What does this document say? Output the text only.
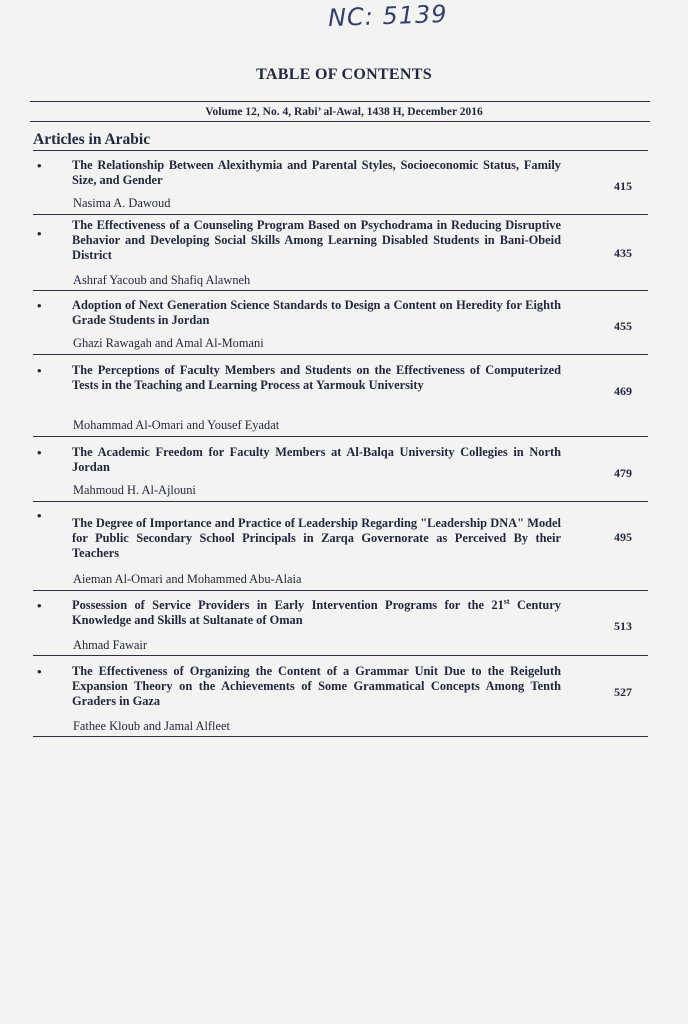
NC: 5139
TABLE OF CONTENTS
Volume 12, No. 4, Rabi’ al-Awal, 1438 H, December 2016
Articles in Arabic
• The Relationship Between Alexithymia and Parental Styles, Socioeconomic Status, Family Size, and Gender
Nasima A. Dawoud
415
•
The Effectiveness of a Counseling Program Based on Psychodrama in Reducing Disruptive Behavior and Developing Social Skills Among Learning Disabled Students in Bani-Obeid District
Ashraf Yacoub and Shafiq Alawneh
435
• Adoption of Next Generation Science Standards to Design a Content on Heredity for Eighth Grade Students in Jordan
Ghazi Rawagah and Amal Al-Momani
455
• The Perceptions of Faculty Members and Students on the Effectiveness of Computerized Tests in the Teaching and Learning Process at Yarmouk University
Mohammad Al-Omari and Yousef Eyadat
469
• The Academic Freedom for Faculty Members at Al-Balqa University Collegies in North Jordan
Mahmoud H. Al-Ajlouni
479
• The Degree of Importance and Practice of Leadership Regarding "Leadership DNA" Model for Public Secondary School Principals in Zarqa Governorate as Perceived By their Teachers
Aieman Al-Omari and Mohammed Abu-Alaia
495
• Possession of Service Providers in Early Intervention Programs for the 21st Century Knowledge and Skills at Sultanate of Oman
Ahmad Fawair
513
• The Effectiveness of Organizing the Content of a Grammar Unit Due to the Reigeluth Expansion Theory on the Achievements of Some Grammatical Concepts Among Tenth Graders in Gaza
Fathee Kloub and Jamal Alfleet
527
